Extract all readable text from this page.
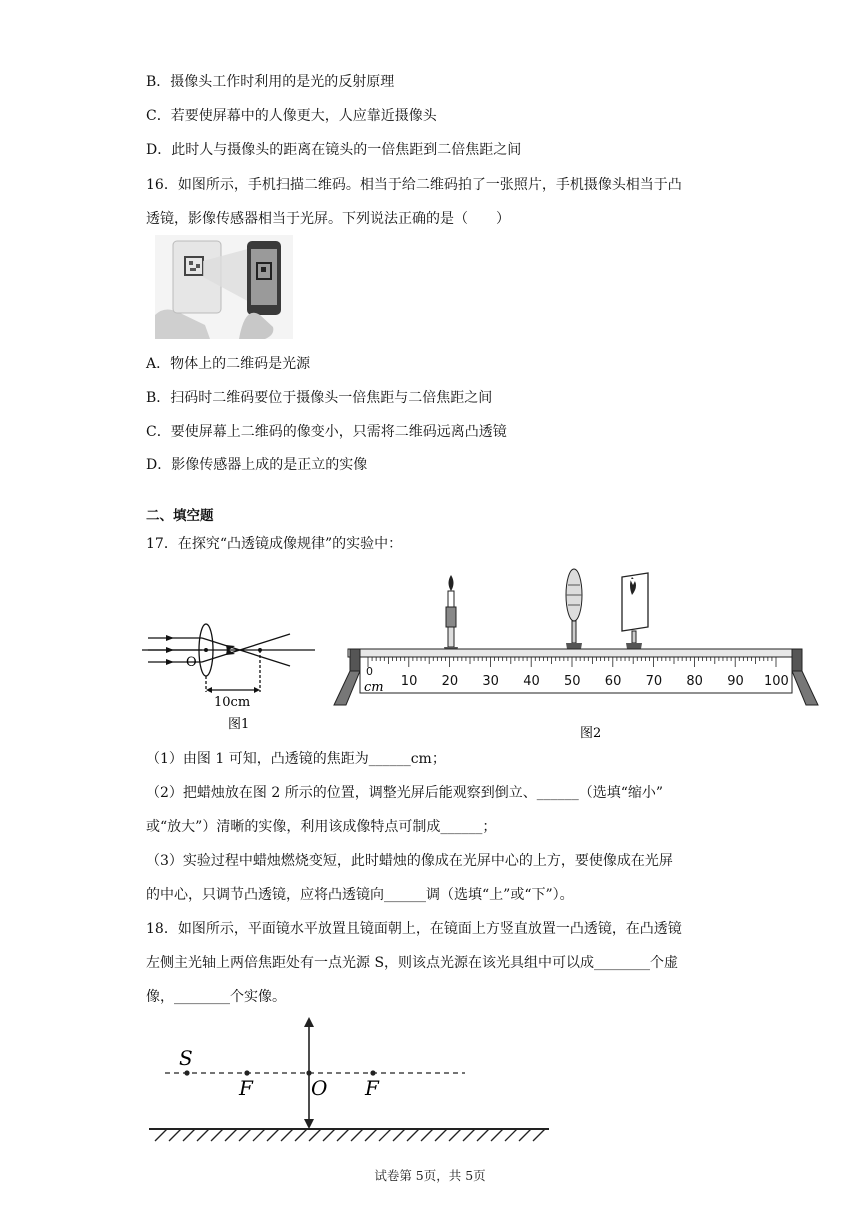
B．摄像头工作时利用的是光的反射原理
C．若要使屏幕中的人像更大，人应靠近摄像头
D．此时人与摄像头的距离在镜头的一倍焦距到二倍焦距之间
16．如图所示，手机扫描二维码。相当于给二维码拍了一张照片，手机摄像头相当于凸
透镜，影像传感器相当于光屏。下列说法正确的是（　　）
A．物体上的二维码是光源
B．扫码时二维码要位于摄像头一倍焦距与二倍焦距之间
C．要使屏幕上二维码的像变小，只需将二维码远离凸透镜
D．影像传感器上成的是正立的实像
二、填空题
17．在探究“凸透镜成像规律”的实验中：
O
10cm
图1
cm 10 20 30 40 50 60 70 80 90 100
0
图2
（1）由图 1 可知，凸透镜的焦距为______cm；
（2）把蜡烛放在图 2 所示的位置，调整光屏后能观察到倒立、______（选填“缩小”
或“放大”）清晰的实像，利用该成像特点可制成______；
（3）实验过程中蜡烛燃烧变短，此时蜡烛的像成在光屏中心的上方，要使像成在光屏
的中心，只调节凸透镜，应将凸透镜向______调（选填“上”或“下”）。
18．如图所示，平面镜水平放置且镜面朝上，在镜面上方竖直放置一凸透镜，在凸透镜
左侧主光轴上两倍焦距处有一点光源 S，则该点光源在该光具组中可以成________个虚
像，________个实像。
S
F	O F
试卷第 5页，共 5页
